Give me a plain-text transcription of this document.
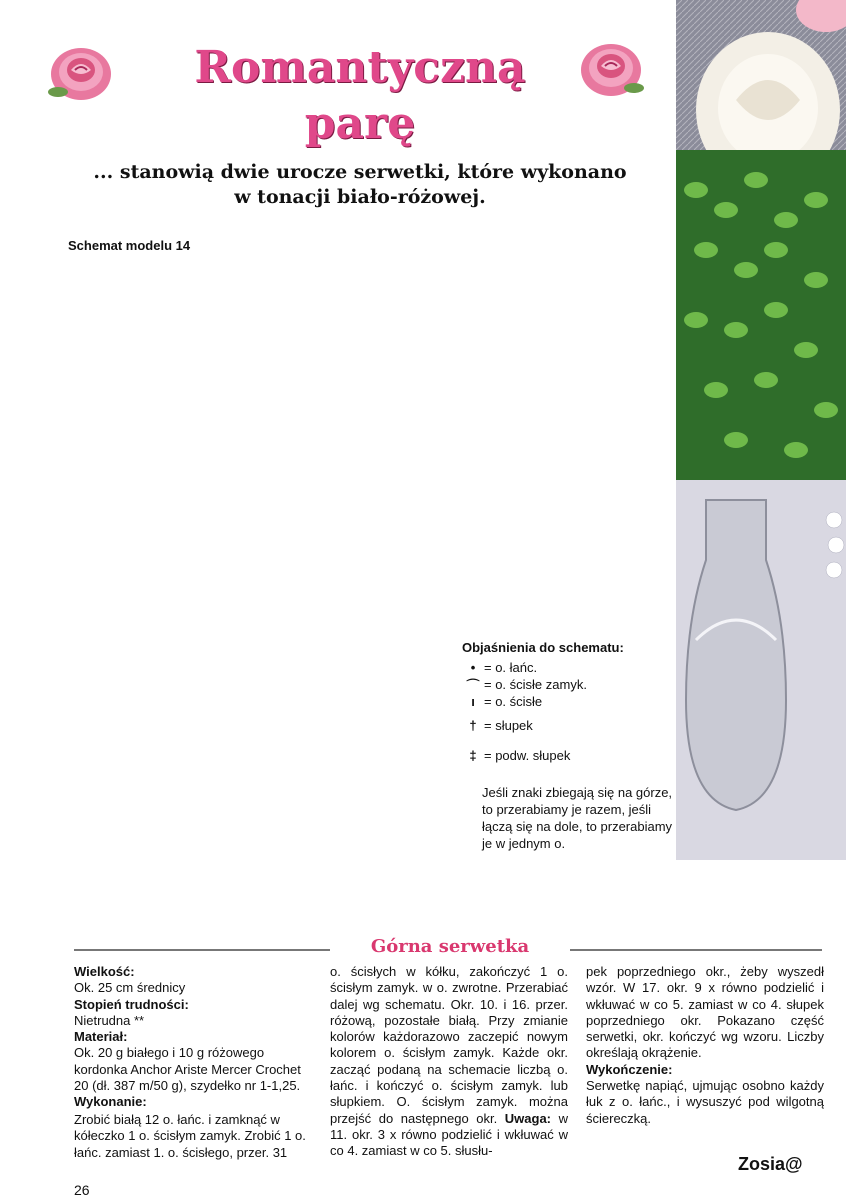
Romantyczną
parę
... stanowią dwie urocze serwetki, które wykonano
w tonacji biało-różowej.
Schemat modelu 14
Objaśnienia do schematu:
• = o. łańc.
⌒ = o. ścisłe zamyk.
ı = o. ścisłe
† = słupek
‡ = podw. słupek
Jeśli znaki zbiegają się na górze, to przerabiamy je razem, jeśli łączą się na dole, to przerabiamy je w jednym o.
Górna serwetka

Wielkość:

Ok. 25 cm średnicy

Stopień trudności:

Nietrudna **

Materiał:

Ok. 20 g białego i 10 g różowego kordonka Anchor Ariste Mercer Crochet 20 (dł. 387 m/50 g), szydełko nr 1-1,25.

Wykonanie:

Zrobić białą 12 o. łańc. i zamknąć w kółeczko 1 o. ścisłym zamyk. Zrobić 1 o. łańc. zamiast 1. o. ścisłego, przer. 31

o. ścisłych w kółku, zakończyć 1 o. ścisłym zamyk. w o. zwrotne. Przerabiać dalej wg schematu. Okr. 10. i 16. przer. różową, pozostałe białą. Przy zmianie kolorów każdorazowo zaczepić nowym kolorem o. ścisłym zamyk. Każde okr. zacząć podaną na schemacie liczbą o. łańc. i kończyć o. ścisłym zamyk. lub słupkiem. O. ścisłym zamyk. można przejść do następnego okr. Uwaga: w 11. okr. 3 x równo podzielić i wkłuwać w co 4. zamiast w co 5. słusłu-

pek poprzedniego okr., żeby wyszedł wzór. W 17. okr. 9 x równo podzielić i wkłuwać w co 5. zamiast w co 4. słupek poprzedniego okr. Pokazano część serwetki, okr. kończyć wg wzoru. Liczby określają okrążenie.

Wykończenie:

Serwetkę napiąć, ujmując osobno każdy łuk z o. łańc., i wysuszyć pod wilgotną ściereczką.

26
Zosia@
